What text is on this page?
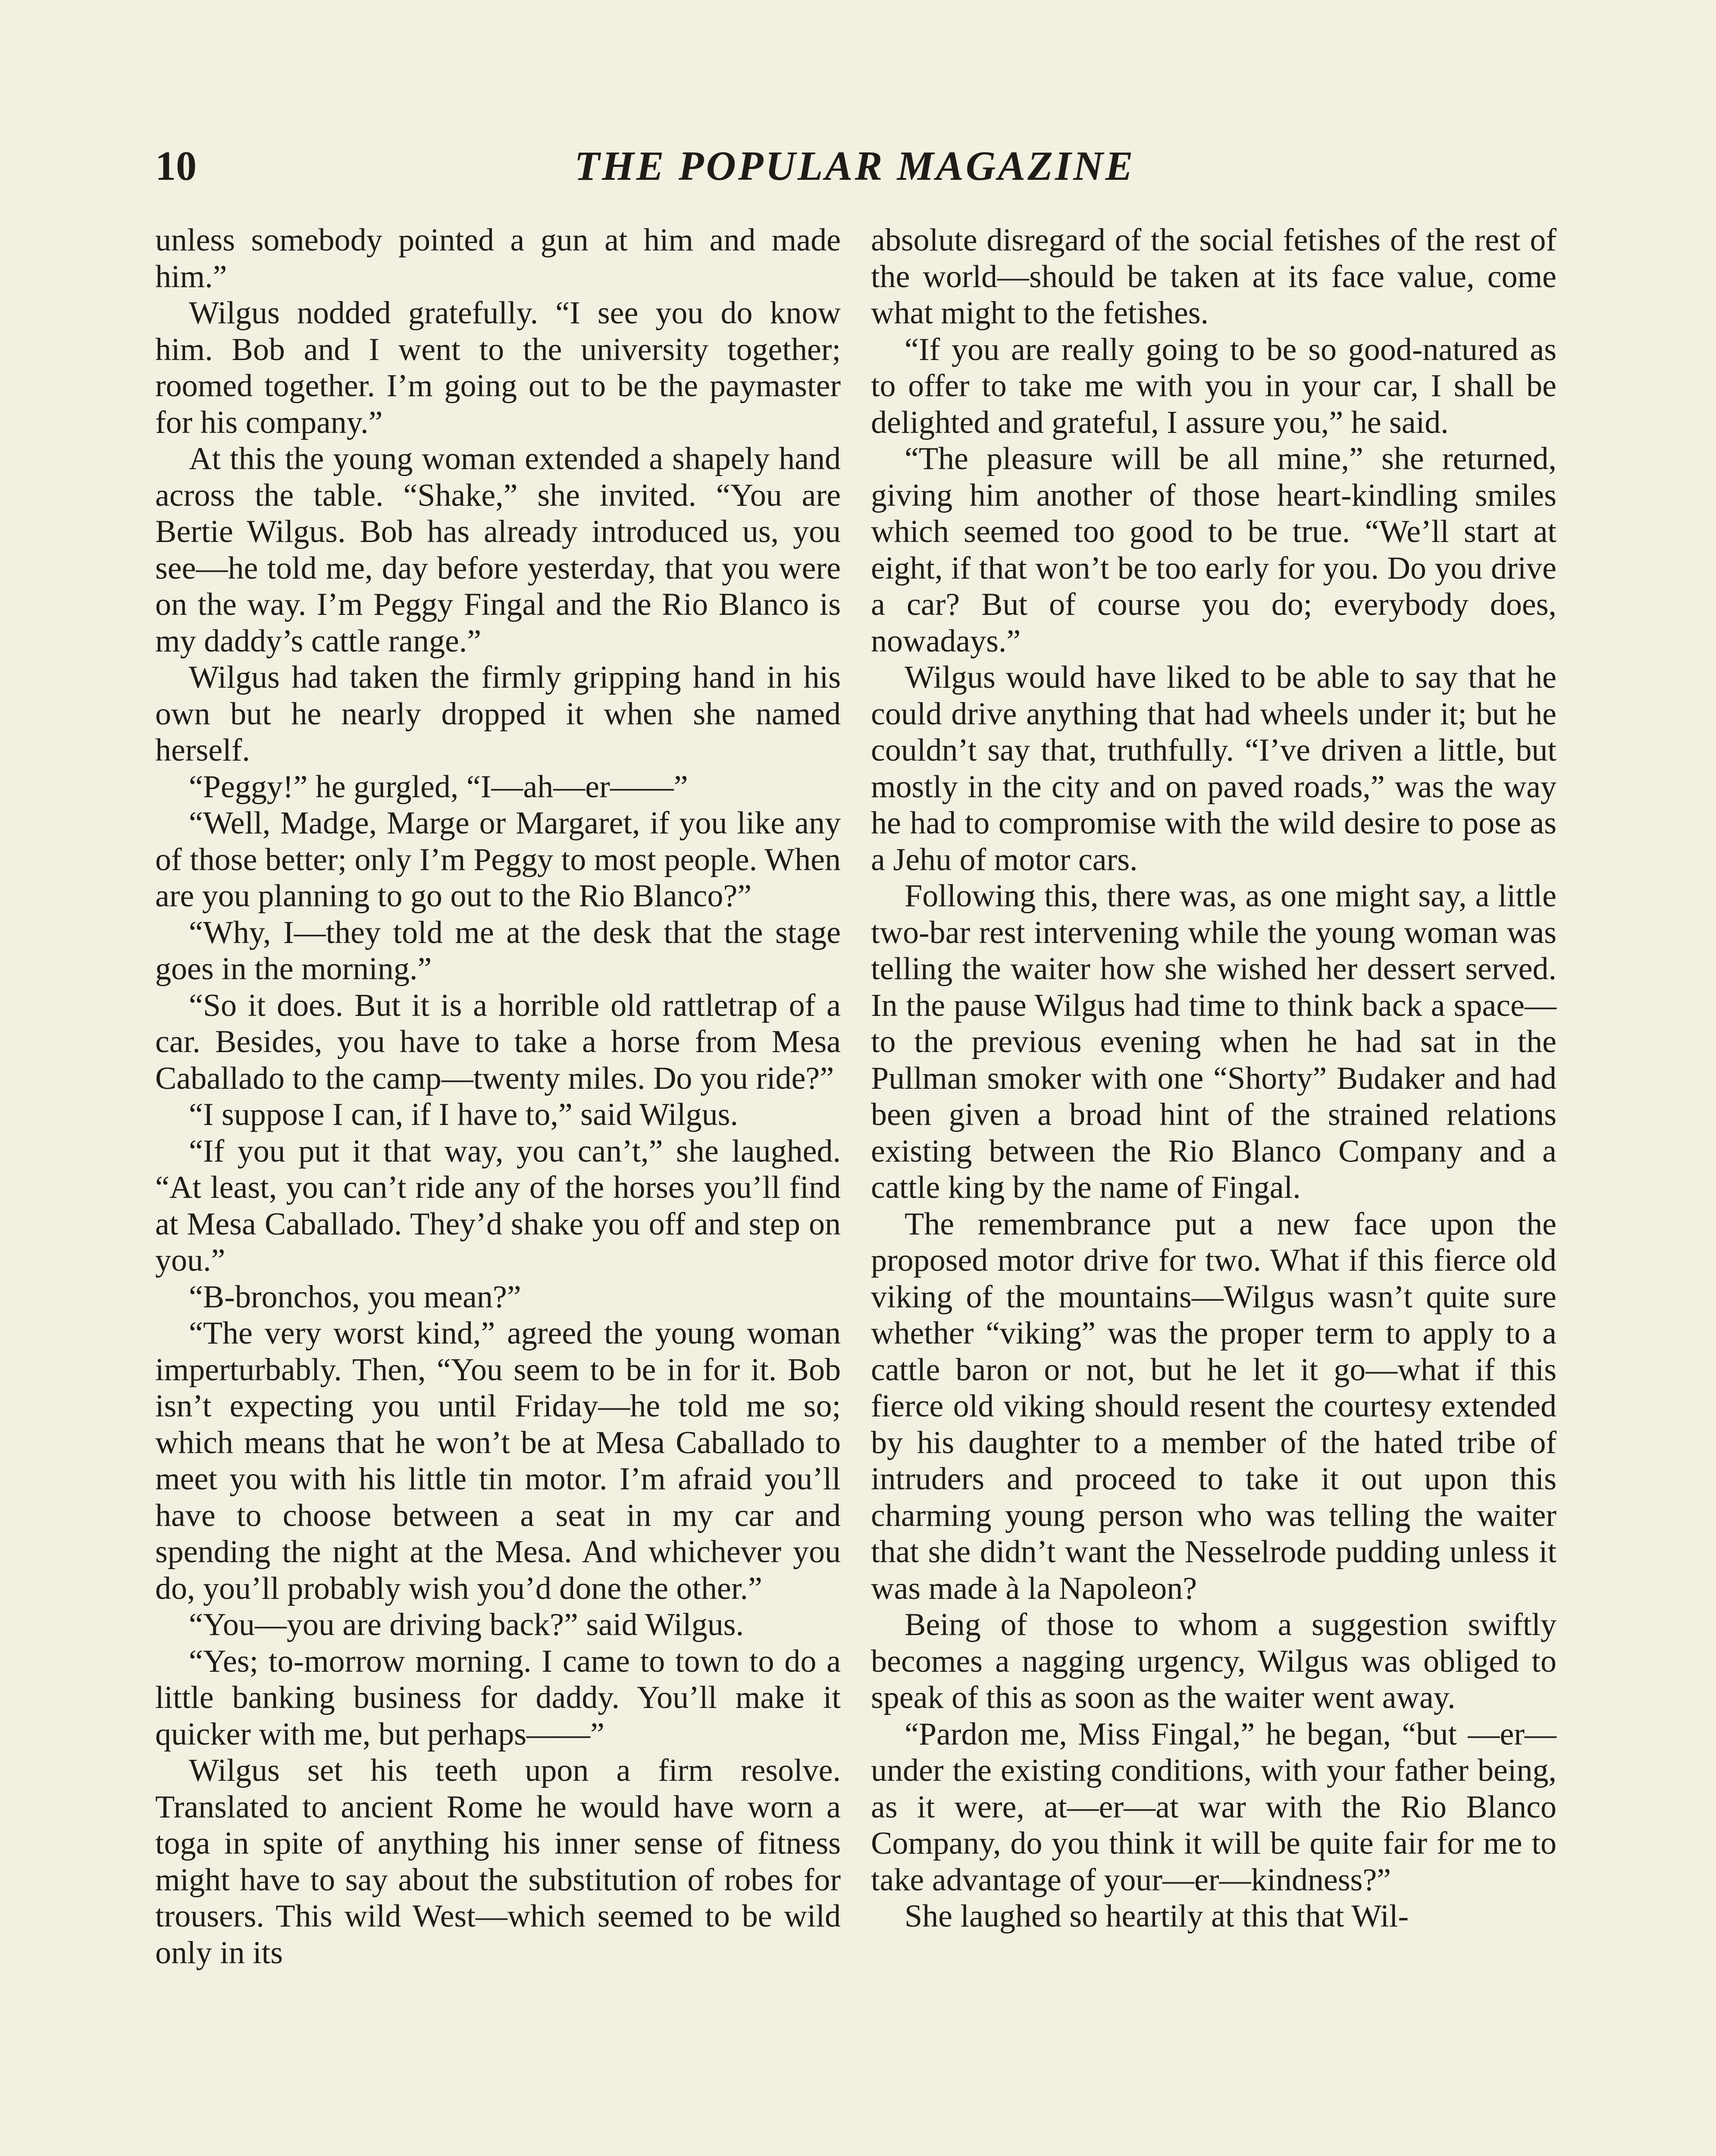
10	THE POPULAR MAGAZINE

unless somebody pointed a gun at him and made him.”

Wilgus nodded gratefully. “I see you do know him. Bob and I went to the university together; roomed together. I’m going out to be the paymaster for his company.”

At this the young woman extended a shapely hand across the table. “Shake,” she invited. “You are Bertie Wilgus. Bob has already introduced us, you see—he told me, day before yesterday, that you were on the way. I’m Peggy Fingal and the Rio Blanco is my daddy’s cattle range.”

Wilgus had taken the firmly gripping hand in his own but he nearly dropped it when she named herself.

“Peggy!” he gurgled, “I—ah—er——”

“Well, Madge, Marge or Margaret, if you like any of those better; only I’m Peggy to most people. When are you planning to go out to the Rio Blanco?”

“Why, I—they told me at the desk that the stage goes in the morning.”

“So it does. But it is a horrible old rattletrap of a car. Besides, you have to take a horse from Mesa Caballado to the camp—twenty miles. Do you ride?”

“I suppose I can, if I have to,” said Wilgus.

“If you put it that way, you can’t,” she laughed. “At least, you can’t ride any of the horses you’ll find at Mesa Caballado. They’d shake you off and step on you.”

“B-bronchos, you mean?”

“The very worst kind,” agreed the young woman imperturbably. Then, “You seem to be in for it. Bob isn’t expecting you until Friday—he told me so; which means that he won’t be at Mesa Caballado to meet you with his little tin motor. I’m afraid you’ll have to choose between a seat in my car and spending the night at the Mesa. And whichever you do, you’ll probably wish you’d done the other.”

“You—you are driving back?” said Wilgus.

“Yes; to-morrow morning. I came to town to do a little banking business for daddy. You’ll make it quicker with me, but perhaps——”

Wilgus set his teeth upon a firm resolve. Translated to ancient Rome he would have worn a toga in spite of anything his inner sense of fitness might have to say about the substitution of robes for trousers. This wild West—which seemed to be wild only in its

absolute disregard of the social fetishes of the rest of the world—should be taken at its face value, come what might to the fetishes.

“If you are really going to be so good-natured as to offer to take me with you in your car, I shall be delighted and grateful, I assure you,” he said.

“The pleasure will be all mine,” she returned, giving him another of those heart-kindling smiles which seemed too good to be true. “We’ll start at eight, if that won’t be too early for you. Do you drive a car? But of course you do; everybody does, nowadays.”

Wilgus would have liked to be able to say that he could drive anything that had wheels under it; but he couldn’t say that, truthfully. “I’ve driven a little, but mostly in the city and on paved roads,” was the way he had to compromise with the wild desire to pose as a Jehu of motor cars.

Following this, there was, as one might say, a little two-bar rest intervening while the young woman was telling the waiter how she wished her dessert served. In the pause Wilgus had time to think back a space—to the previous evening when he had sat in the Pullman smoker with one “Shorty” Budaker and had been given a broad hint of the strained relations existing between the Rio Blanco Company and a cattle king by the name of Fingal.

The remembrance put a new face upon the proposed motor drive for two. What if this fierce old viking of the mountains—Wilgus wasn’t quite sure whether “viking” was the proper term to apply to a cattle baron or not, but he let it go—what if this fierce old viking should resent the courtesy extended by his daughter to a member of the hated tribe of intruders and proceed to take it out upon this charming young person who was telling the waiter that she didn’t want the Nesselrode pudding unless it was made à la Napoleon?

Being of those to whom a suggestion swiftly becomes a nagging urgency, Wilgus was obliged to speak of this as soon as the waiter went away.

“Pardon me, Miss Fingal,” he began, “but —er—under the existing conditions, with your father being, as it were, at—er—at war with the Rio Blanco Company, do you think it will be quite fair for me to take advantage of your—er—kindness?”

She laughed so heartily at this that Wil-
